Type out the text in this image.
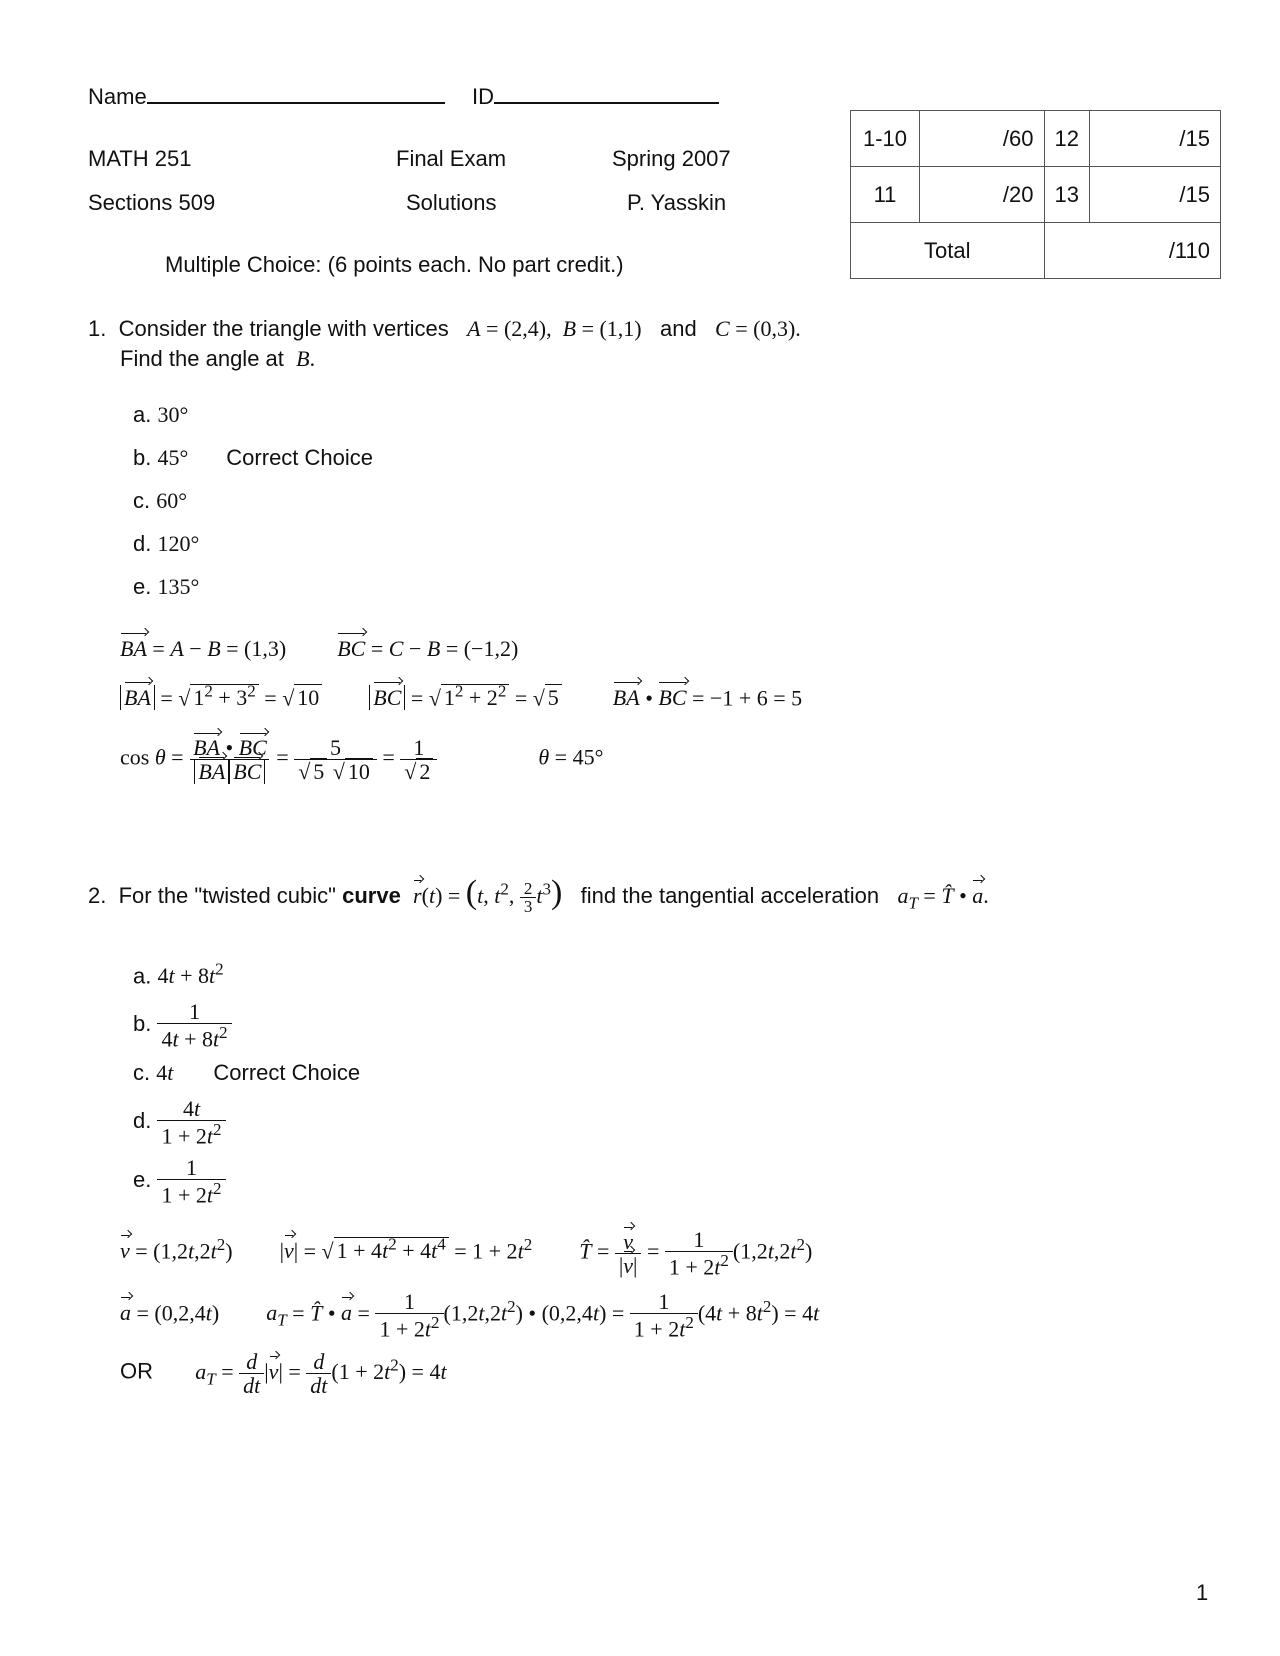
Name	ID
MATH 251	Final Exam	Spring 2007
Sections 509	Solutions	P. Yasskin
Multiple Choice: (6 points each. No part credit.)
1-10	/60	12	/15
11	/20	13	/15
Total		/110	
1. Consider the triangle with vertices A = (2,4),  B = (1,1) and C = (0,3).
Find the angle at B.
a. 30°
b. 45° Correct Choice
c. 60°
d. 120°
e. 135°
BA = A − B = (1,3)  BC = C − B = (−1,2)
BA = √ $1^2 + 3^2$ = √ 10 BC = √ $1^2 + 2^2$ = √ 5 BA • BC = −1 + 6 = 5
$\cos \theta = \frac{BA • BC}{\text{BA BC}} = \frac{5}{√ 5 √ 10} = \frac{1}{√ 2}$	θ = 45°
2. For the "twisted cubic" curve r(t) = (t, $t^2$, $\frac{2}{3} t^3$) find the tangential acceleration $a_T$ = T̂ • a.
a. $4t + 8t^2$
b. $\frac{1}{4t + 8t^2}$
c. 4t Correct Choice
d. $\frac{4t}{1 + 2t^2}$
e. $\frac{1}{1 + 2t^2}$
$v = (1,2t,2t^2) |v|$ = √ $1 + 4t^2 + 4t^4 = 1 + 2t^2$ T̂ = $\frac{v}{|v|} = \frac{1}{1 + 2t^2} (1,2t,2t^2)$
a = (0,2,4t)  $a_T$ = T̂ • $a = \frac{1}{1 + 2t^2} (1,2t,2t^2)$ • $(0,2,4t) = \frac{1}{1 + 2t^2} (4t + 8t^2) = 4t$
OR $a_T = \frac{d}{dt} |v| = \frac{d}{dt} (1 + 2t^2) = 4t$
1
